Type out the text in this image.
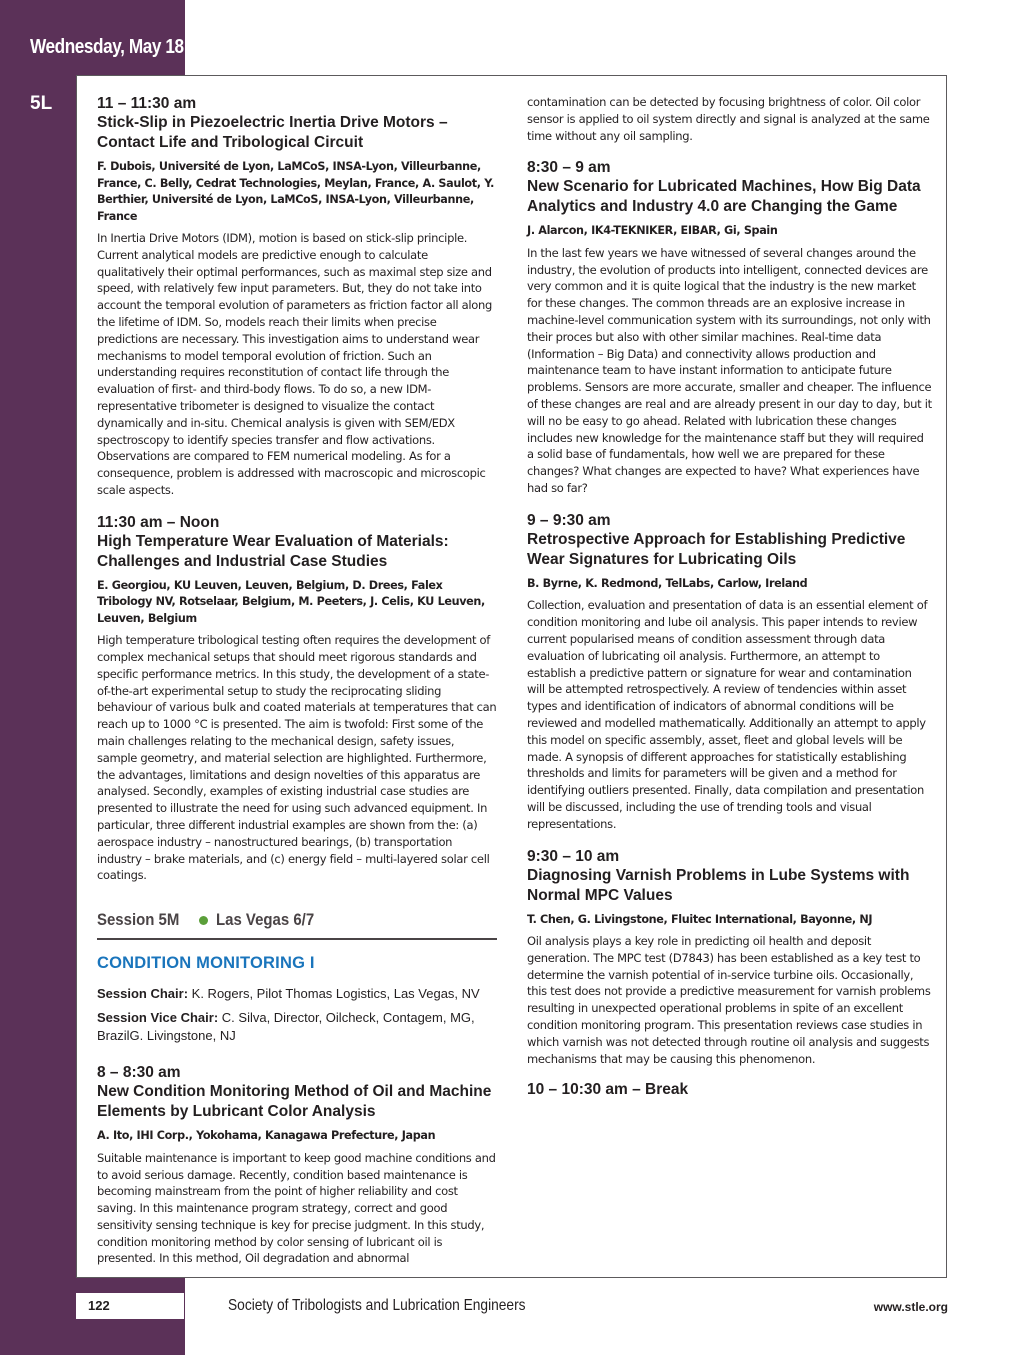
Wednesday, May 18
5L	11 – 11:30 am
Stick-Slip in Piezoelectric Inertia Drive Motors – Contact Life and Tribological Circuit
F. Dubois, Université de Lyon, LaMCoS, INSA-Lyon, Villeurbanne, France, C. Belly, Cedrat Technologies, Meylan, France, A. Saulot, Y. Berthier, Université de Lyon, LaMCoS, INSA-Lyon, Villeurbanne, France
In Inertia Drive Motors (IDM), motion is based on stick-slip principle. Current analytical models are predictive enough to calculate qualitatively their optimal performances, such as maximal step size and speed, with relatively few input parameters. But, they do not take into account the temporal evolution of parameters as friction factor all along the lifetime of IDM. So, models reach their limits when precise predictions are necessary. This investigation aims to understand wear mechanisms to model temporal evolution of friction. Such an understanding requires reconstitution of contact life through the evaluation of first- and third-body flows. To do so, a new IDM-representative tribometer is designed to visualize the contact dynamically and in-situ. Chemical analysis is given with SEM/EDX spectroscopy to identify species transfer and flow activations. Observations are compared to FEM numerical modeling. As for a consequence, problem is addressed with macroscopic and microscopic scale aspects.
11:30 am – Noon
High Temperature Wear Evaluation of Materials: Challenges and Industrial Case Studies
E. Georgiou, KU Leuven, Leuven, Belgium, D. Drees, Falex Tribology NV, Rotselaar, Belgium, M. Peeters, J. Celis, KU Leuven, Leuven, Belgium
High temperature tribological testing often requires the development of complex mechanical setups that should meet rigorous standards and specific performance metrics. In this study, the development of a state-of-the-art experimental setup to study the reciprocating sliding behaviour of various bulk and coated materials at temperatures that can reach up to 1000 °C is presented. The aim is twofold: First some of the main challenges relating to the mechanical design, safety issues, sample geometry, and material selection are highlighted. Furthermore, the advantages, limitations and design novelties of this apparatus are analysed. Secondly, examples of existing industrial case studies are presented to illustrate the need for using such advanced equipment. In particular, three different industrial examples are shown from the: (a) aerospace industry – nanostructured bearings, (b) transportation industry – brake materials, and (c) energy field – multi-layered solar cell coatings.
Session 5M Las Vegas 6/7
CONDITION MONITORING I
Session Chair: K. Rogers, Pilot Thomas Logistics, Las Vegas, NV
Session Vice Chair: C. Silva, Director, Oilcheck, Contagem, MG, BrazilG. Livingstone, NJ
8 – 8:30 am
New Condition Monitoring Method of Oil and Machine Elements by Lubricant Color Analysis
A. Ito, IHI Corp., Yokohama, Kanagawa Prefecture, Japan
Suitable maintenance is important to keep good machine conditions and to avoid serious damage. Recently, condition based maintenance is becoming mainstream from the point of higher reliability and cost saving. In this maintenance program strategy, correct and good sensitivity sensing technique is key for precise judgment. In this study, condition monitoring method by color sensing of lubricant oil is presented. In this method, Oil degradation and abnormal
contamination can be detected by focusing brightness of color. Oil color sensor is applied to oil system directly and signal is analyzed at the same time without any oil sampling.
8:30 – 9 am
New Scenario for Lubricated Machines, How Big Data Analytics and Industry 4.0 are Changing the Game
J. Alarcon, IK4-TEKNIKER, EIBAR, Gi, Spain
In the last few years we have witnessed of several changes around the industry, the evolution of products into intelligent, connected devices are very common and it is quite logical that the industry is the new market for these changes. The common threads are an explosive increase in machine-level communication system with its surroundings, not only with their proces but also with other similar machines. Real-time data (Information – Big Data) and connectivity allows production and maintenance team to have instant information to anticipate future problems. Sensors are more accurate, smaller and cheaper. The influence of these changes are real and are already present in our day to day, but it will no be easy to go ahead. Related with lubrication these changes includes new knowledge for the maintenance staff but they will required a solid base of fundamentals, how well we are prepared for these changes? What changes are expected to have? What experiences have had so far?
9 – 9:30 am
Retrospective Approach for Establishing Predictive Wear Signatures for Lubricating Oils
B. Byrne, K. Redmond, TelLabs, Carlow, Ireland
Collection, evaluation and presentation of data is an essential element of condition monitoring and lube oil analysis. This paper intends to review current popularised means of condition assessment through data evaluation of lubricating oil analysis. Furthermore, an attempt to establish a predictive pattern or signature for wear and contamination will be attempted retrospectively. A review of tendencies within asset types and identification of indicators of abnormal conditions will be reviewed and modelled mathematically. Additionally an attempt to apply this model on specific assembly, asset, fleet and global levels will be made. A synopsis of different approaches for statistically establishing thresholds and limits for parameters will be given and a method for identifying outliers presented. Finally, data compilation and presentation will be discussed, including the use of trending tools and visual representations.
9:30 – 10 am
Diagnosing Varnish Problems in Lube Systems with Normal MPC Values
T. Chen, G. Livingstone, Fluitec International, Bayonne, NJ
Oil analysis plays a key role in predicting oil health and deposit generation. The MPC test (D7843) has been established as a key test to determine the varnish potential of in-service turbine oils. Occasionally, this test does not provide a predictive measurement for varnish problems resulting in unexpected operational problems in spite of an excellent condition monitoring program. This presentation reviews case studies in which varnish was not detected through routine oil analysis and suggests mechanisms that may be causing this phenomenon.
10 – 10:30 am – Break
122	Society of Tribologists and Lubrication Engineers	www.stle.org
